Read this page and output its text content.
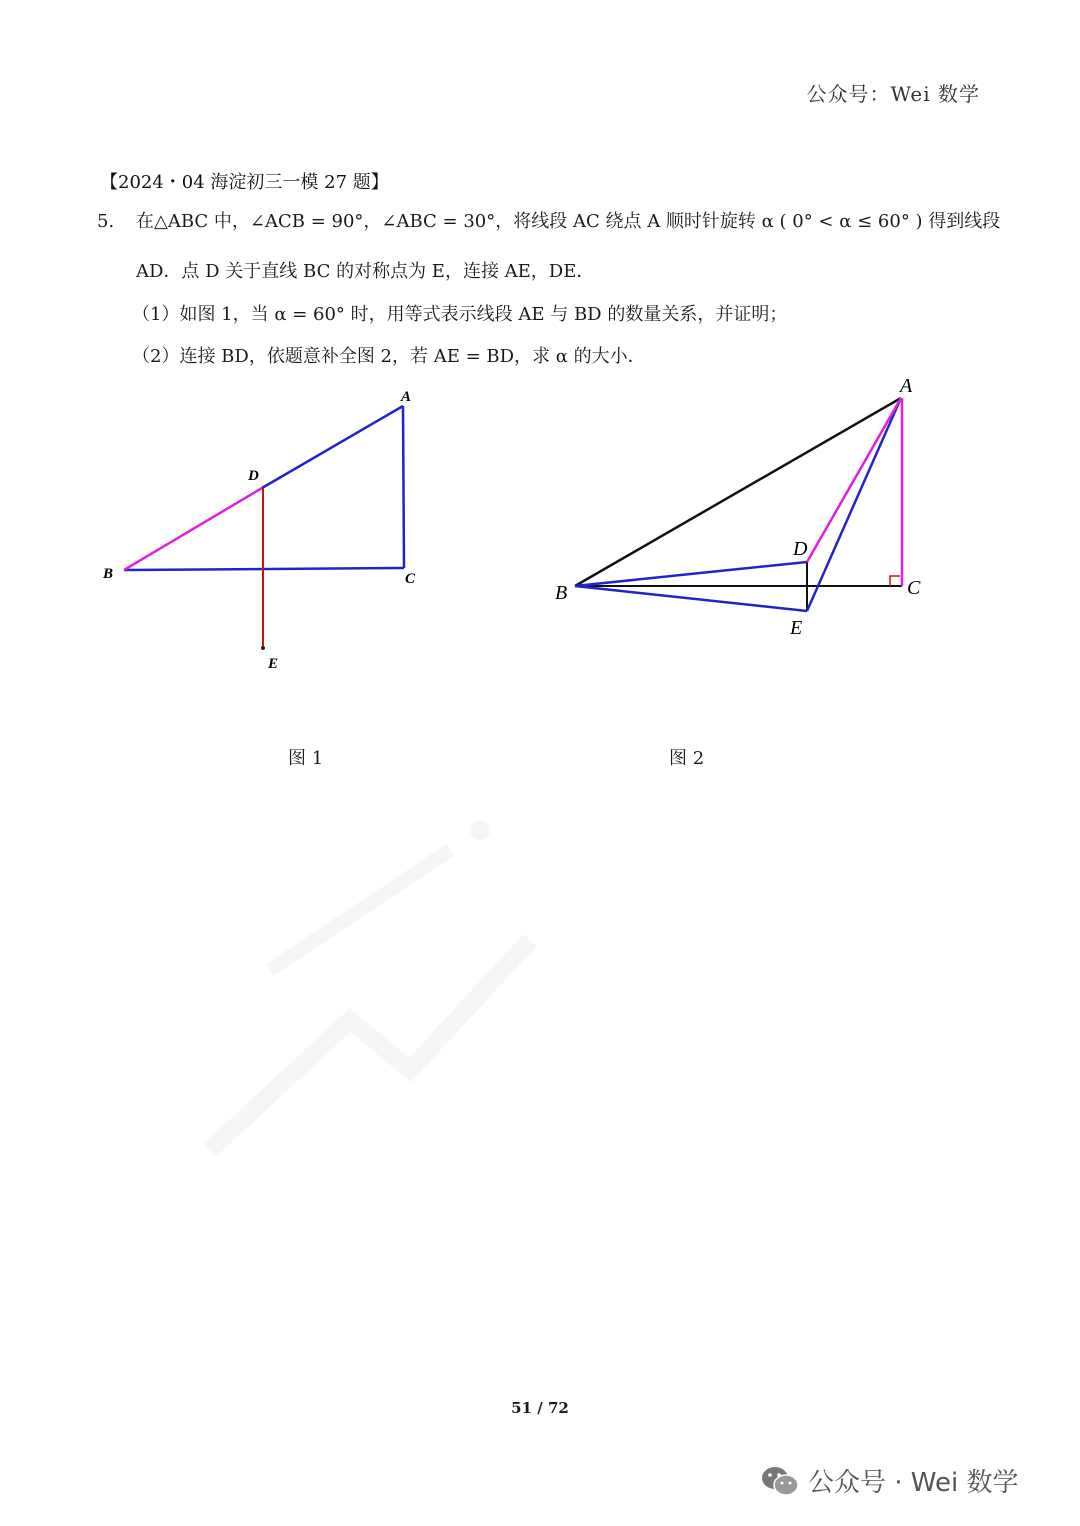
公众号：Wei 数学
【2024・04 海淀初三一模 27 题】
5. 在△ABC 中，∠ACB = 90°，∠ABC = 30°，将线段 AC 绕点 A 顺时针旋转 α ( 0° < α ≤ 60° ) 得到线段
AD．点 D 关于直线 BC 的对称点为 E，连接 AE，DE．
（1）如图 1，当 α = 60° 时，用等式表示线段 AE 与 BD 的数量关系，并证明；
（2）连接 BD，依题意补全图 2，若 AE = BD，求 α 的大小．
A
B	C
D
E
A
B	C
D
E
图 1	图 2
51 / 72
公众号 · Wei 数学
